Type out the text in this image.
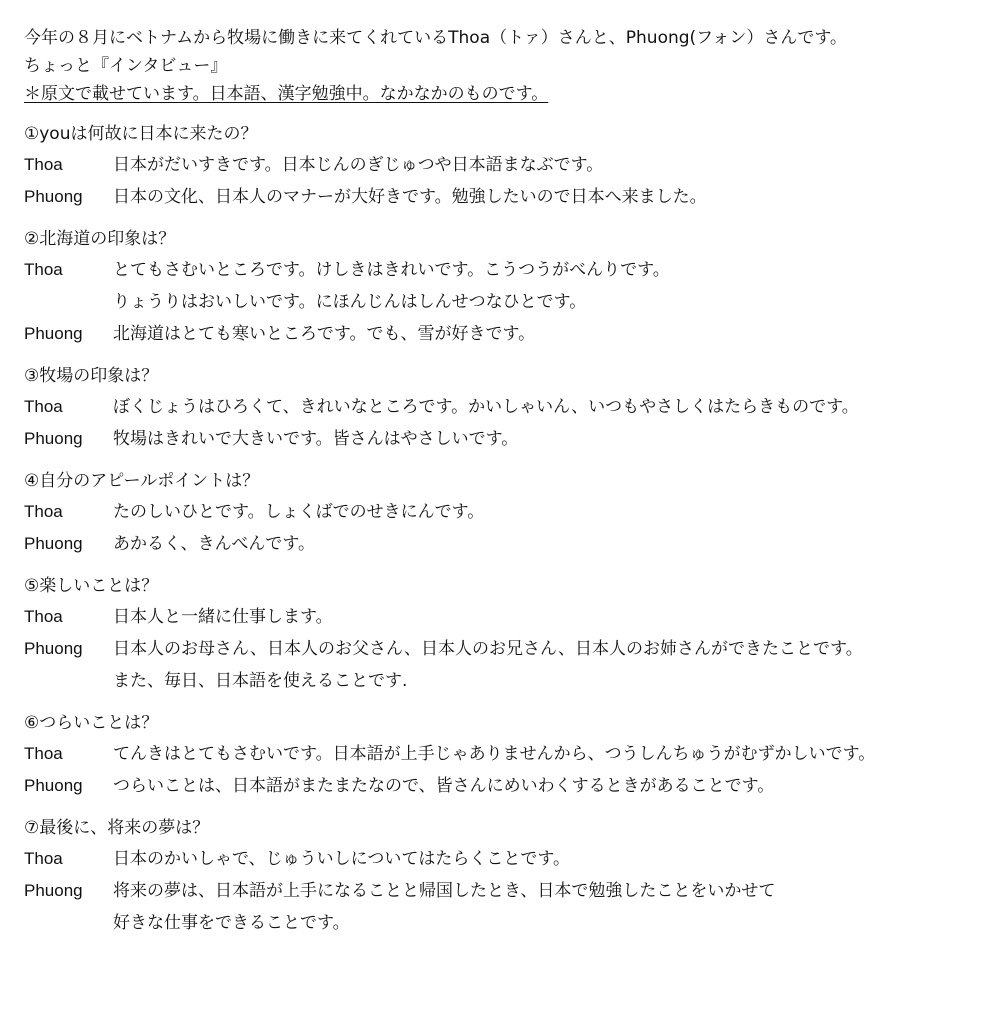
今年の８月にベトナムから牧場に働きに来てくれているThoa（トァ）さんと、Phuong(フォン）さんです。
ちょっと『インタビュー』
＊原文で載せています。日本語、漢字勉強中。なかなかのものです。
①youは何故に日本に来たの？
Thoa	日本がだいすきです。日本じんのぎじゅつや日本語まなぶです。
Phuong	日本の文化、日本人のマナーが大好きです。勉強したいので日本へ来ました。
②北海道の印象は？
Thoa	とてもさむいところです。けしきはきれいです。こうつうがべんりです。
りょうりはおいしいです。にほんじんはしんせつなひとです。
Phuong	北海道はとても寒いところです。でも、雪が好きです。
③牧場の印象は？
Thoa	ぼくじょうはひろくて、きれいなところです。かいしゃいん、いつもやさしくはたらきものです。
Phuong	牧場はきれいで大きいです。皆さんはやさしいです。
④自分のアピールポイントは？
Thoa	たのしいひとです。しょくばでのせきにんです。
Phuong	あかるく、きんべんです。
⑤楽しいことは？
Thoa	日本人と一緒に仕事します。
Phuong	日本人のお母さん、日本人のお父さん、日本人のお兄さん、日本人のお姉さんができたことです。
また、毎日、日本語を使えることです.
⑥つらいことは？
Thoa	てんきはとてもさむいです。日本語が上手じゃありませんから、つうしんちゅうがむずかしいです。
Phuong	つらいことは、日本語がまたまたなので、皆さんにめいわくするときがあることです。
⑦最後に、将来の夢は？
Thoa	日本のかいしゃで、じゅういしについてはたらくことです。
Phuong	将来の夢は、日本語が上手になることと帰国したとき、日本で勉強したことをいかせて
好きな仕事をできることです。
